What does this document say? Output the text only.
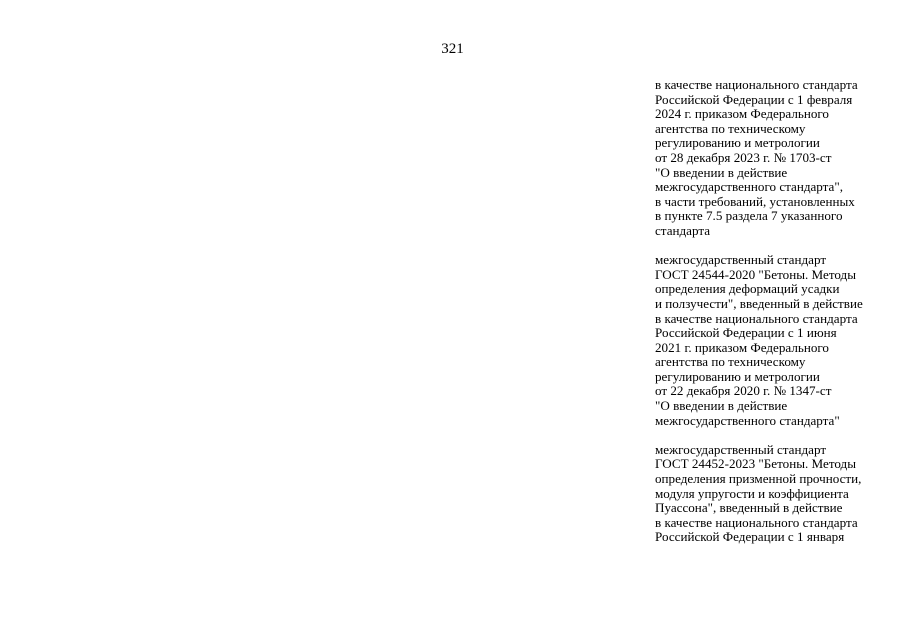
321
в качестве национального стандарта
Российской Федерации с 1 февраля
2024 г. приказом Федерального
агентства по техническому
регулированию и метрологии
от 28 декабря 2023 г. № 1703-ст
"О введении в действие
межгосударственного стандарта",
в части требований, установленных
в пункте 7.5 раздела 7 указанного
стандарта
межгосударственный стандарт
ГОСТ 24544-2020 "Бетоны. Методы
определения деформаций усадки
и ползучести", введенный в действие
в качестве национального стандарта
Российской Федерации с 1 июня
2021 г. приказом Федерального
агентства по техническому
регулированию и метрологии
от 22 декабря 2020 г. № 1347-ст
"О введении в действие
межгосударственного стандарта"
межгосударственный стандарт
ГОСТ 24452-2023 "Бетоны. Методы
определения призменной прочности,
модуля упругости и коэффициента
Пуассона", введенный в действие
в качестве национального стандарта
Российской Федерации с 1 января
